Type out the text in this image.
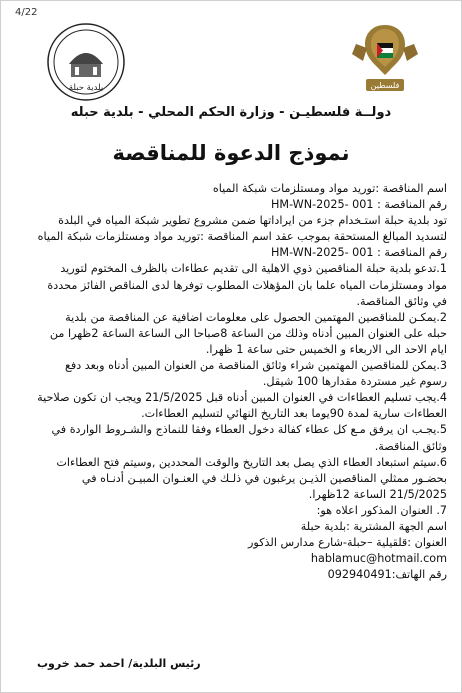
4/22
بلدية حبلة	فلسطين
دولــة فلسطيـن - وزارة الحكم المحلي - بلدية حبله
نموذج الدعوة للمناقصة

اسم المناقصة :توريد مواد ومستلزمات شبكة المياه

رقم المناقصة : HM-WN-2025- 001

تود بلدية حبلة استـخدام جزء من ايراداتها ضمن مشروع تطوير شبكة المياه في البلدة

لتسديد المبالغ المستحقة بموجب عقد اسم المناقصة :توريد مواد ومستلزمات شبكة المياه

رقم المناقصة : HM-WN-2025- 001

1.تدعو بلدية حبلة المناقصين ذوي الاهلية الى تقديم عطاءات بالظرف المختوم لتوريد

مواد ومستلزمات المياه علما بان المؤهلات المطلوب توفرها لدى المناقص الفائز محددة

في وثائق المناقصة.

2.يمكـن للمناقصين المهتمين الحصول على معلومات اضافية عن المناقصة من بلدية

حبله على العنوان المبين أدناه وذلك من الساعة 8صباحا الى الساعة الساعة 2ظهرا من

ايام الاحد الى الاربعاء و الخميس حتى ساعة 1 ظهرا.

3.يمكن للمناقصين المهتمين شراء وثائق المناقصة من العنوان المبين أدناه وبعد دفع

رسوم غير مستردة مقدارها 100 شيقل.

4.يجب تسليم العطاءات في العنوان المبين أدناه قبل 21/5/2025 ويجب ان تكون صلاحية

العطاءات سارية لمدة 90يوما بعد التاريخ النهائي لتسليم العطاءات.

5.يجـب ان يرفق مـع كل عطاء كفالة دخول العطاء وفقا للنماذج والشـروط الواردة في

وثائق المناقصة.

6.سيتم استبعاد العطاء الذي يصل بعد التاريخ والوقت المحددين ,وسيتم فتح العطاءات

بحضـور ممثلي المناقصين الذيـن يرغبون في ذلـك في العنـوان المبيـن أدنـاه في

21/5/2025 الساعة 12ظهرا.

7. العنوان المذكور اعلاه هو:

اسم الجهة المشترية :بلدية حبلة

العنوان :قلقيلية –حبلة-شارع مدارس الذكور

hablamuc@hotmail.com

رقم الهاتف:092940491

رئيس البلدية/ احمد حمد خروب
